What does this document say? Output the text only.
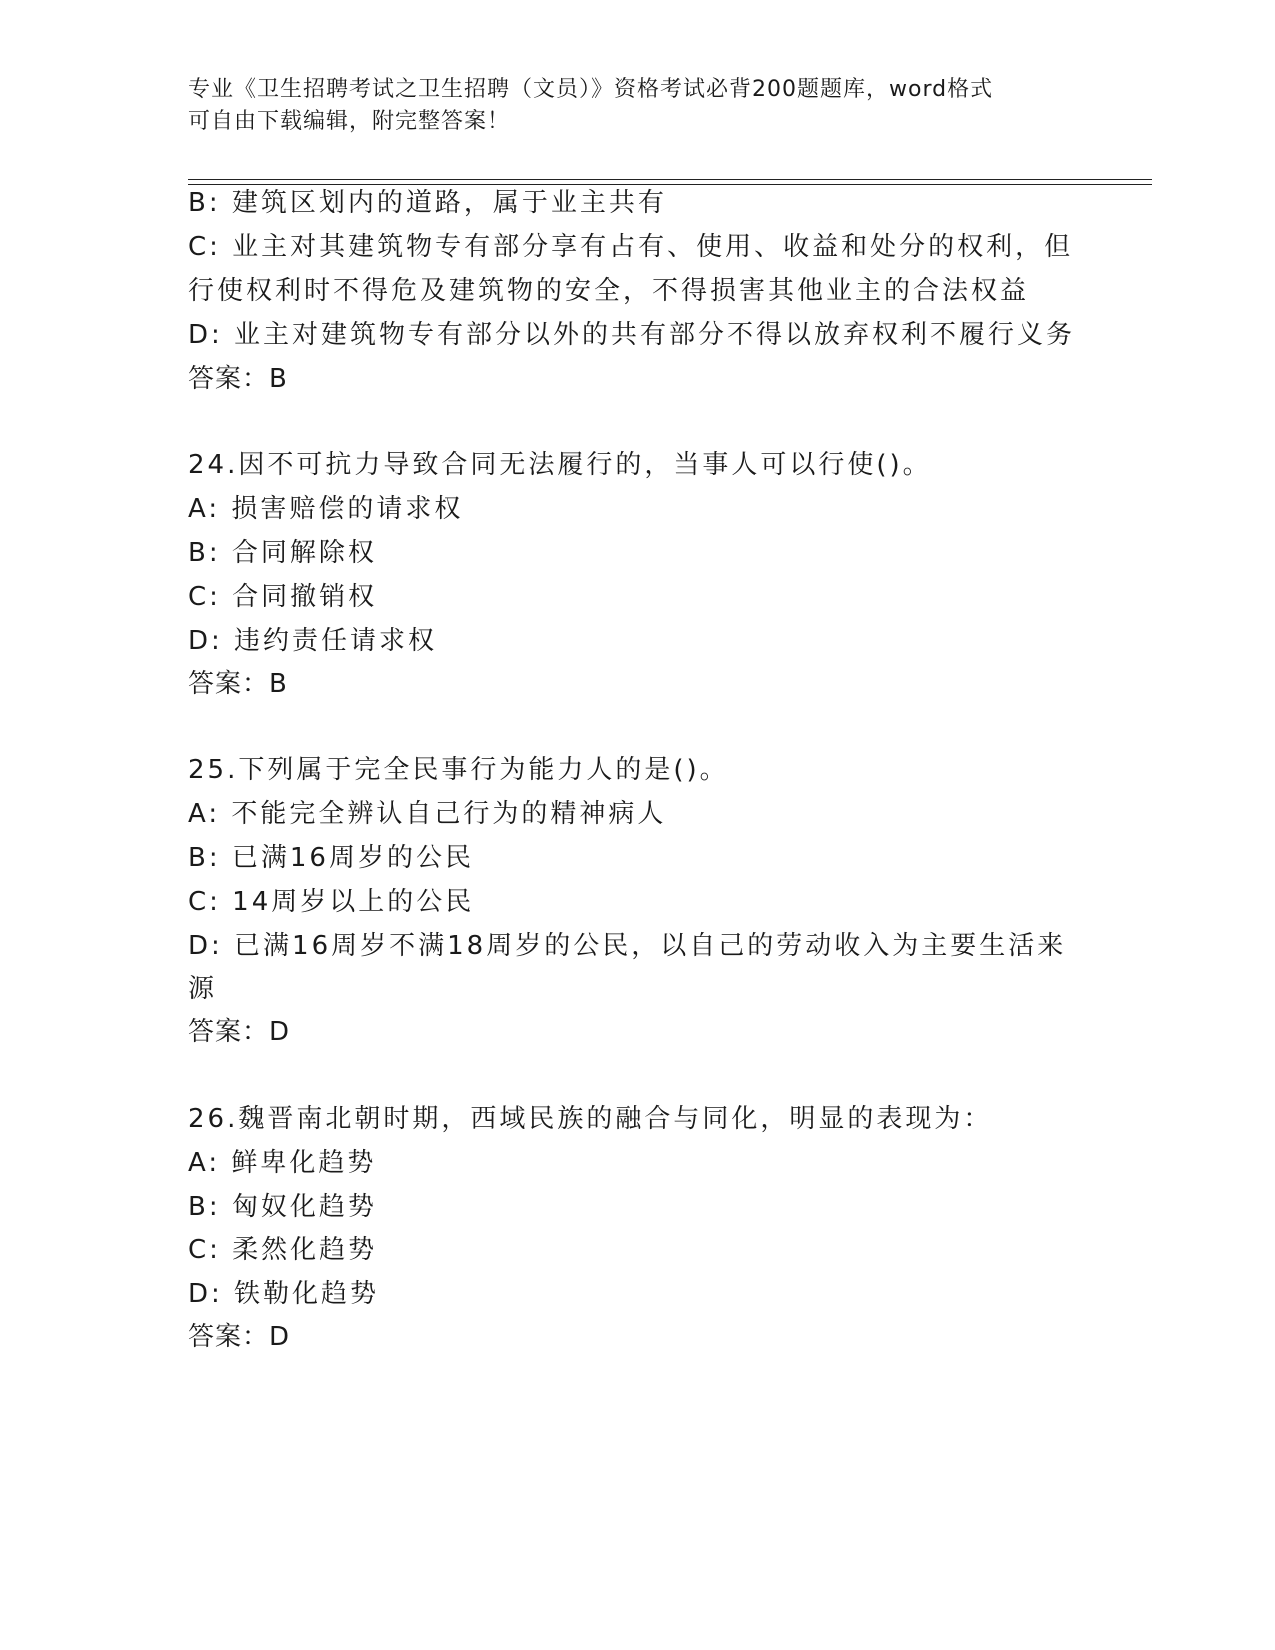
专业《卫生招聘考试之卫生招聘（文员）》资格考试必背200题题库，word格式
可自由下载编辑，附完整答案！
B: 建筑区划内的道路，属于业主共有
C: 业主对其建筑物专有部分享有占有、使用、收益和处分的权利，但
行使权利时不得危及建筑物的安全，不得损害其他业主的合法权益
D: 业主对建筑物专有部分以外的共有部分不得以放弃权利不履行义务
答案：B
24.因不可抗力导致合同无法履行的，当事人可以行使()。
A: 损害赔偿的请求权
B: 合同解除权
C: 合同撤销权
D: 违约责任请求权
答案：B
25.下列属于完全民事行为能力人的是()。
A: 不能完全辨认自己行为的精神病人
B: 已满16周岁的公民
C: 14周岁以上的公民
D: 已满16周岁不满18周岁的公民，以自己的劳动收入为主要生活来
源
答案：D
26.魏晋南北朝时期，西域民族的融合与同化，明显的表现为：
A: 鲜卑化趋势
B: 匈奴化趋势
C: 柔然化趋势
D: 铁勒化趋势
答案：D
